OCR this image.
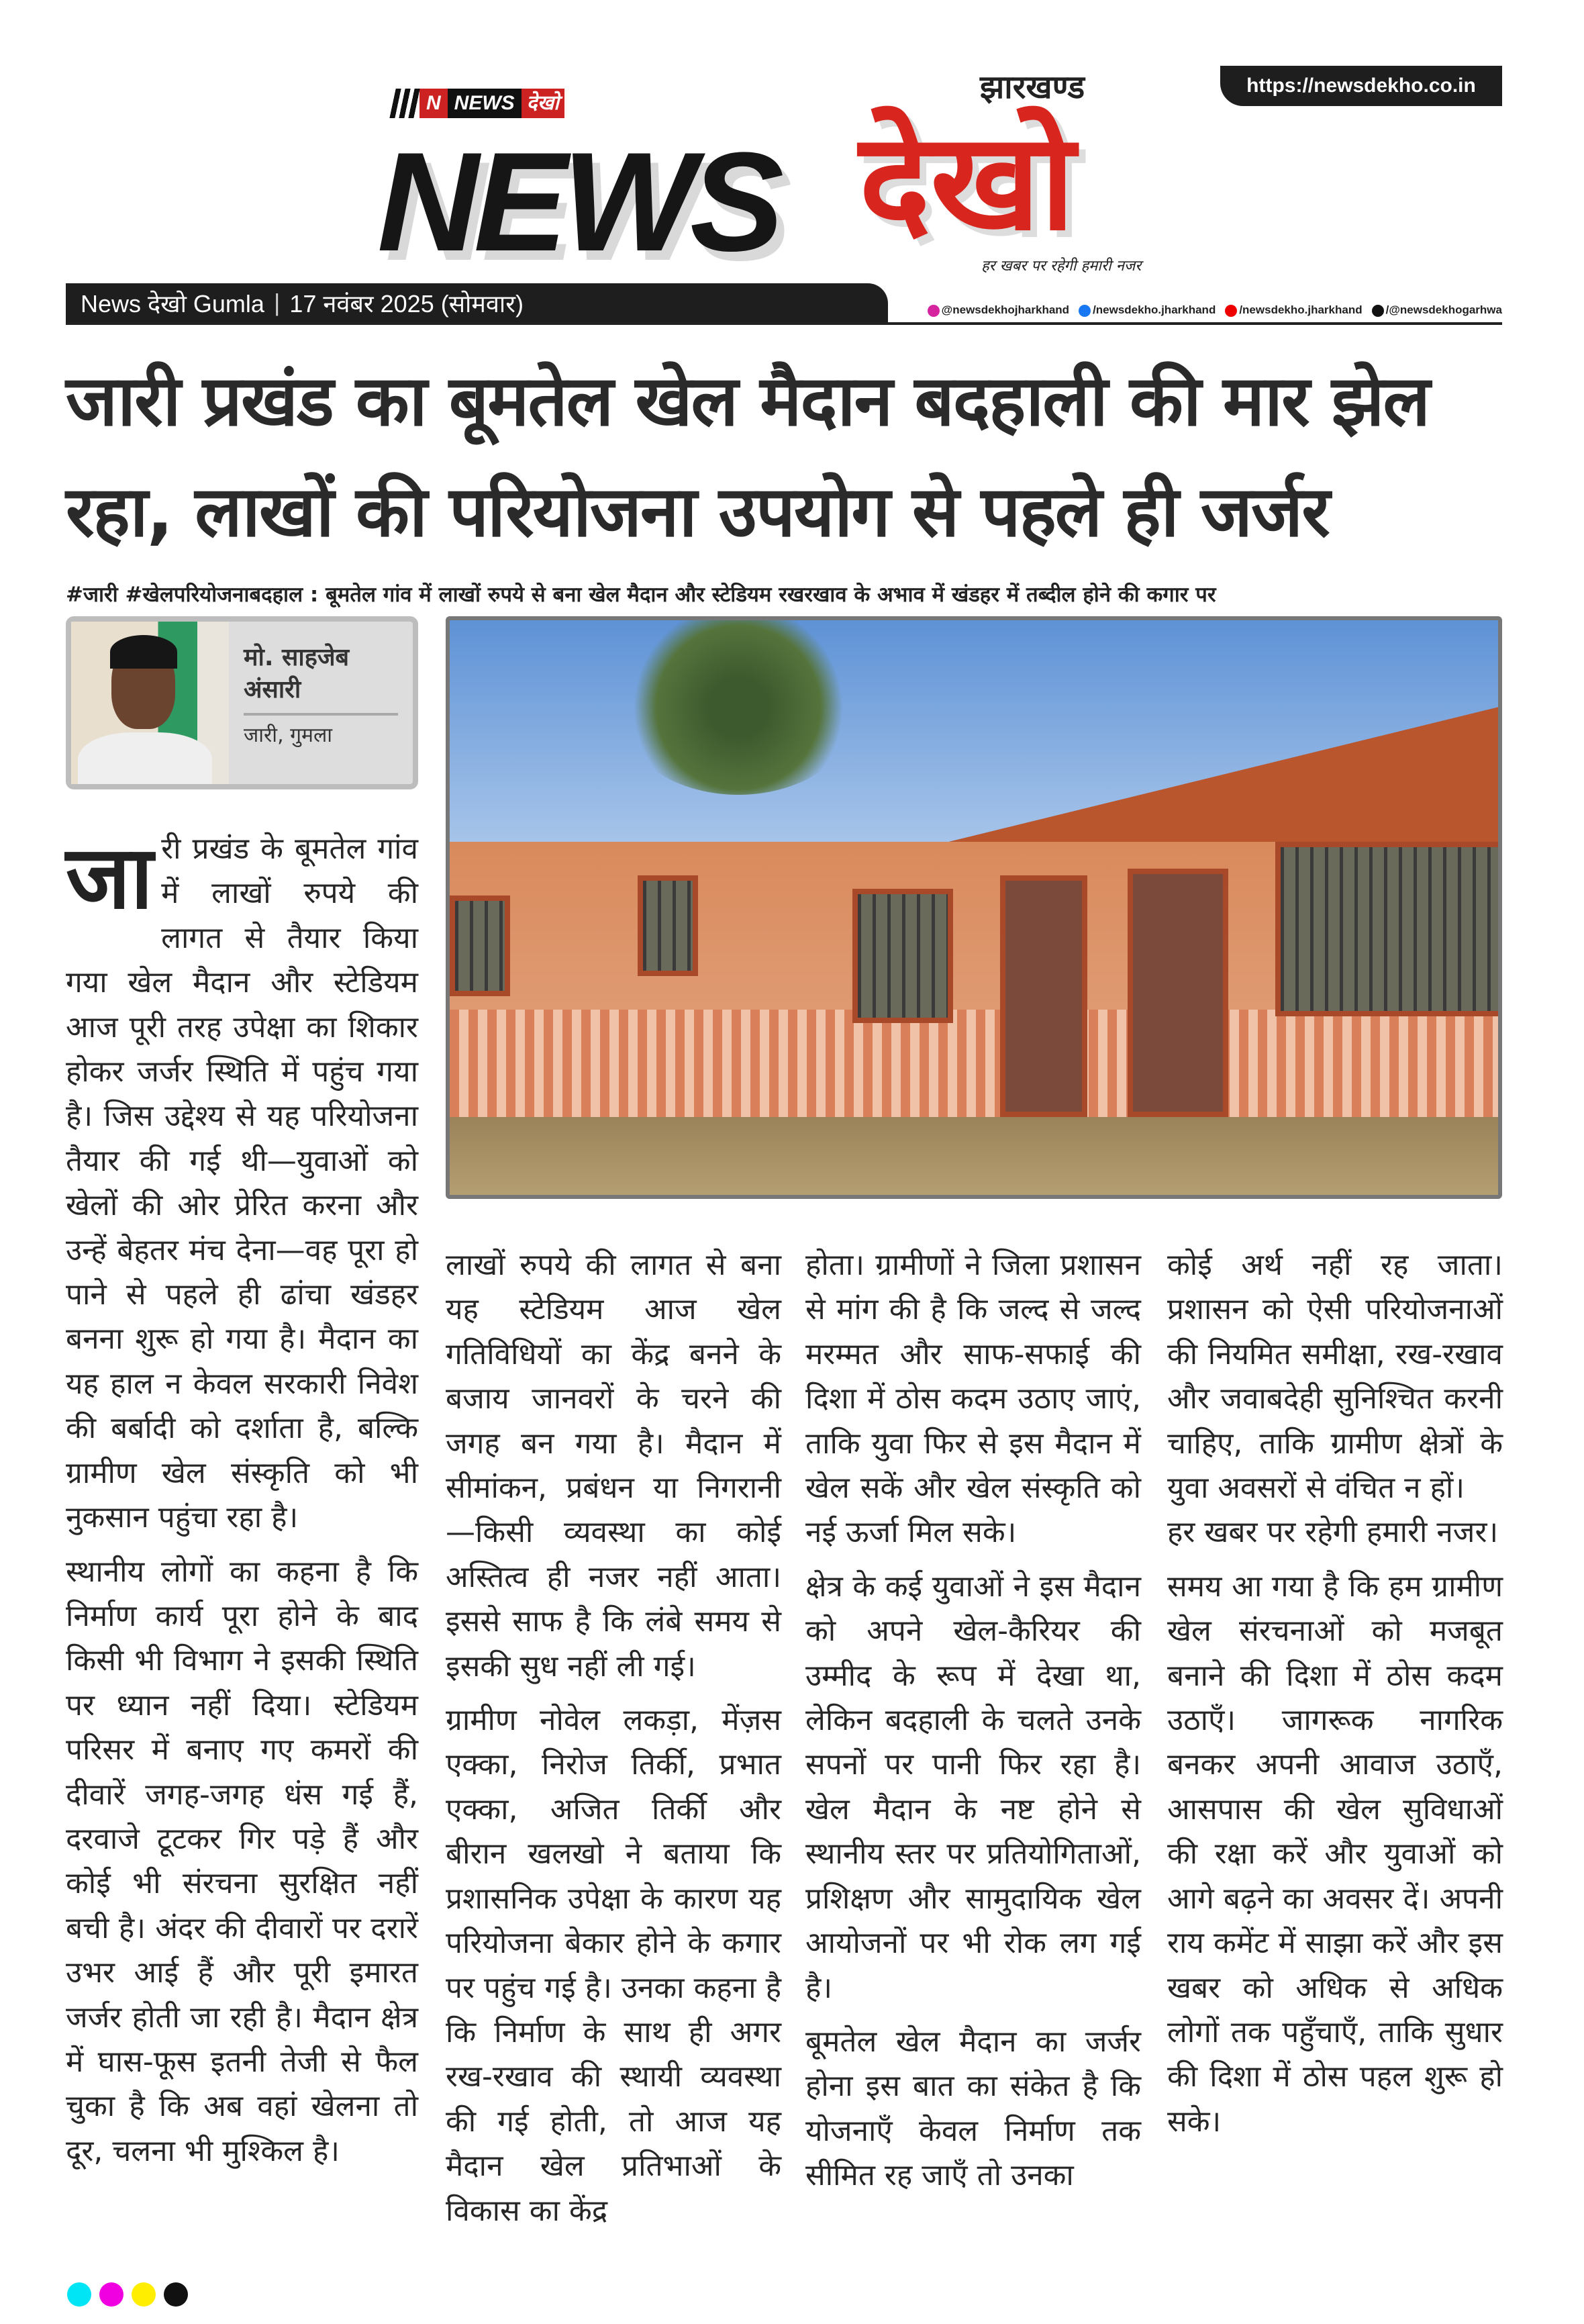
https://newsdekho.co.in
N NEWS देखो
NEWS देखो
झारखण्ड
हर खबर पर रहेगी हमारी नजर
News देखो Gumla | 17 नवंबर 2025 (सोमवार)	@newsdekhojharkhand	/newsdekho.jharkhand	/newsdekho.jharkhand	/@newsdekhogarhwa
जारी प्रखंड का बूमतेल खेल मैदान बदहाली की मार झेल
रहा, लाखों की परियोजना उपयोग से पहले ही जर्जर
#जारी #खेलपरियोजनाबदहाल : बूमतेल गांव में लाखों रुपये से बना खेल मैदान और स्टेडियम रखरखाव के अभाव में खंडहर में तब्दील होने की कगार पर
मो. साहजेब
अंसारी
जारी, गुमला

जारी प्रखंड के बूमतेल गांव में लाखों रुपये की लागत से तैयार किया गया खेल मैदान और स्टेडियम आज पूरी तरह उपेक्षा का शिकार होकर जर्जर स्थिति में पहुंच गया है। जिस उद्देश्य से यह परियोजना तैयार की गई थी—युवाओं को खेलों की ओर प्रेरित करना और उन्हें बेहतर मंच देना—वह पूरा हो पाने से पहले ही ढांचा खंडहर बनना शुरू हो गया है। मैदान का यह हाल न केवल सरकारी निवेश की बर्बादी को दर्शाता है, बल्कि ग्रामीण खेल संस्कृति को भी नुकसान पहुंचा रहा है।

स्थानीय लोगों का कहना है कि निर्माण कार्य पूरा होने के बाद किसी भी विभाग ने इसकी स्थिति पर ध्यान नहीं दिया। स्टेडियम परिसर में बनाए गए कमरों की दीवारें जगह-जगह धंस गई हैं, दरवाजे टूटकर गिर पड़े हैं और कोई भी संरचना सुरक्षित नहीं बची है। अंदर की दीवारों पर दरारें उभर आई हैं और पूरी इमारत जर्जर होती जा रही है। मैदान क्षेत्र में घास-फूस इतनी तेजी से फैल चुका है कि अब वहां खेलना तो दूर, चलना भी मुश्किल है।

लाखों रुपये की लागत से बना यह स्टेडियम आज खेल गतिविधियों का केंद्र बनने के बजाय जानवरों के चरने की जगह बन गया है। मैदान में सीमांकन, प्रबंधन या निगरानी—किसी व्यवस्था का कोई अस्तित्व ही नजर नहीं आता। इससे साफ है कि लंबे समय से इसकी सुध नहीं ली गई।

ग्रामीण नोवेल लकड़ा, मेंज़स एक्का, निरोज तिर्की, प्रभात एक्का, अजित तिर्की और बीरान खलखो ने बताया कि प्रशासनिक उपेक्षा के कारण यह परियोजना बेकार होने के कगार पर पहुंच गई है। उनका कहना है कि निर्माण के साथ ही अगर रख-रखाव की स्थायी व्यवस्था की गई होती, तो आज यह मैदान खेल प्रतिभाओं के विकास का केंद्र

होता। ग्रामीणों ने जिला प्रशासन से मांग की है कि जल्द से जल्द मरम्मत और साफ-सफाई की दिशा में ठोस कदम उठाए जाएं, ताकि युवा फिर से इस मैदान में खेल सकें और खेल संस्कृति को नई ऊर्जा मिल सके।

क्षेत्र के कई युवाओं ने इस मैदान को अपने खेल-कैरियर की उम्मीद के रूप में देखा था, लेकिन बदहाली के चलते उनके सपनों पर पानी फिर रहा है। खेल मैदान के नष्ट होने से स्थानीय स्तर पर प्रतियोगिताओं, प्रशिक्षण और सामुदायिक खेल आयोजनों पर भी रोक लग गई है।

बूमतेल खेल मैदान का जर्जर होना इस बात का संकेत है कि योजनाएँ केवल निर्माण तक सीमित रह जाएँ तो उनका

कोई अर्थ नहीं रह जाता। प्रशासन को ऐसी परियोजनाओं की नियमित समीक्षा, रख-रखाव और जवाबदेही सुनिश्चित करनी चाहिए, ताकि ग्रामीण क्षेत्रों के युवा अवसरों से वंचित न हों।

हर खबर पर रहेगी हमारी नजर।

समय आ गया है कि हम ग्रामीण खेल संरचनाओं को मजबूत बनाने की दिशा में ठोस कदम उठाएँ। जागरूक नागरिक बनकर अपनी आवाज उठाएँ, आसपास की खेल सुविधाओं की रक्षा करें और युवाओं को आगे बढ़ने का अवसर दें। अपनी राय कमेंट में साझा करें और इस खबर को अधिक से अधिक लोगों तक पहुँचाएँ, ताकि सुधार की दिशा में ठोस पहल शुरू हो सके।
